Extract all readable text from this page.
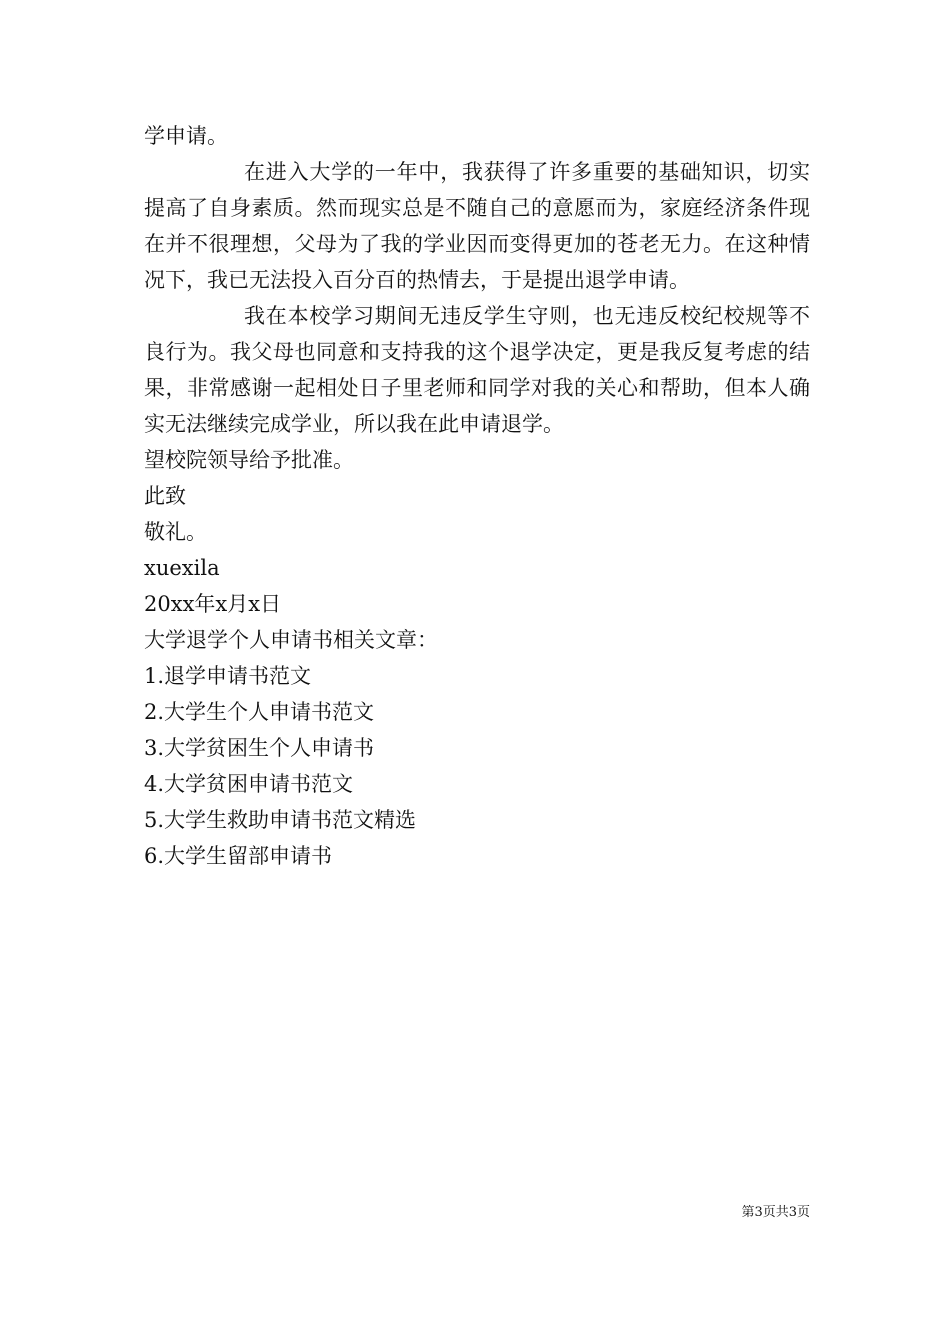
学申请。

在进入大学的一年中，我获得了许多重要的基础知识，切实提高了自身素质。然而现实总是不随自己的意愿而为，家庭经济条件现在并不很理想，父母为了我的学业因而变得更加的苍老无力。在这种情况下，我已无法投入百分百的热情去，于是提出退学申请。

我在本校学习期间无违反学生守则，也无违反校纪校规等不良行为。我父母也同意和支持我的这个退学决定，更是我反复考虑的结果，非常感谢一起相处日子里老师和同学对我的关心和帮助，但本人确实无法继续完成学业，所以我在此申请退学。

望校院领导给予批准。

此致

敬礼。

xuexila

20xx年x月x日

大学退学个人申请书相关文章：

1.退学申请书范文

2.大学生个人申请书范文

3.大学贫困生个人申请书

4.大学贫困申请书范文

5.大学生救助申请书范文精选

6.大学生留部申请书

第3页共3页
